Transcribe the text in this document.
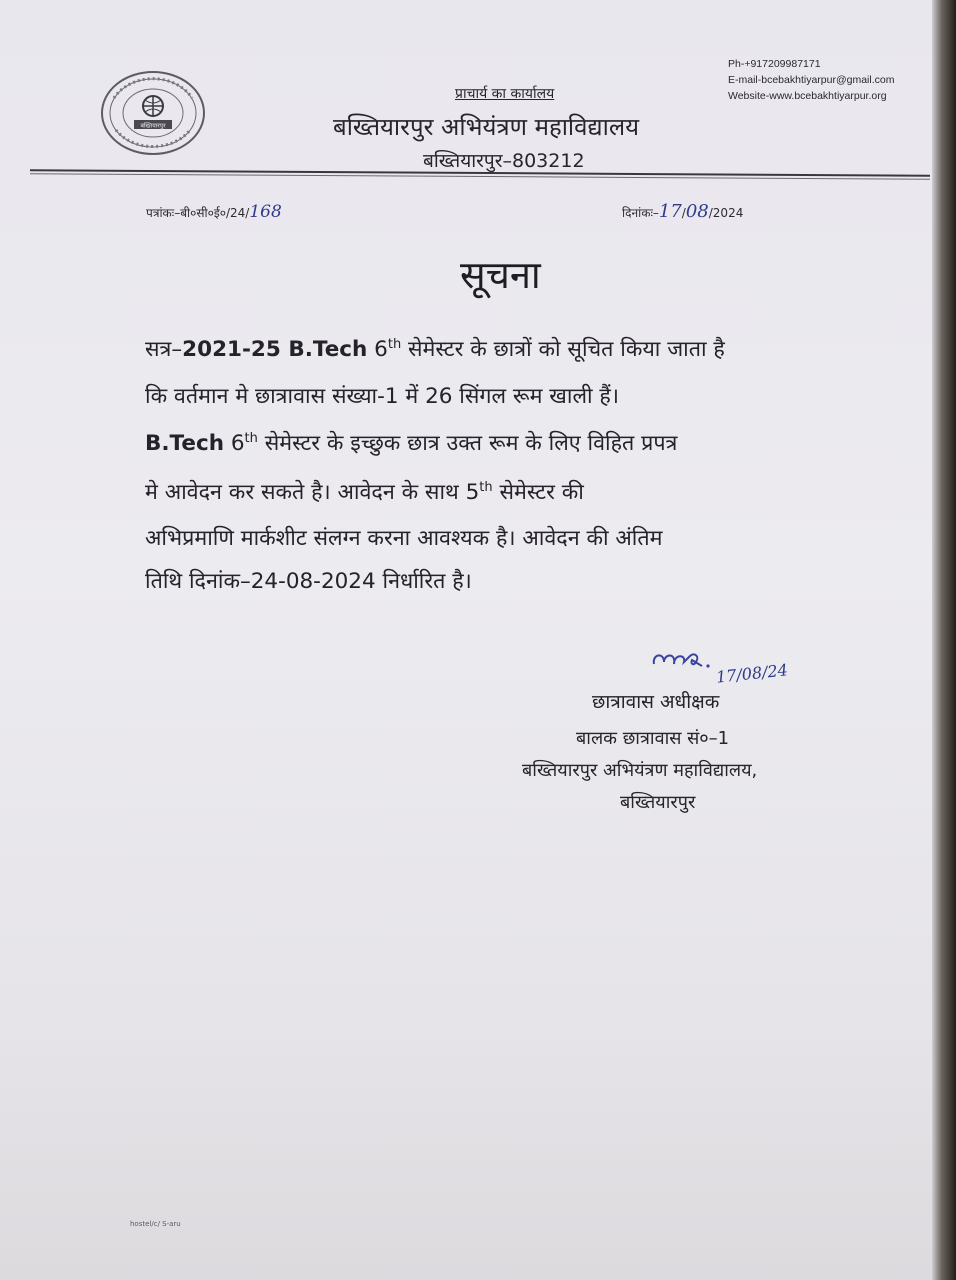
बख्तियारपुर
Ph-+917209987171
E-mail-bcebakhtiyarpur@gmail.com
Website-www.bcebakhtiyarpur.org
प्राचार्य का कार्यालय
बख्तियारपुर अभियंत्रण महाविद्यालय
बख्तियारपुर–803212
पत्रांकः–बी०सी०ई०/24/168	दिनांकः–17/08/2024
सूचना
सत्र–2021-25 B.Tech 6th सेमेस्टर के छात्रों को सूचित किया जाता है
कि वर्तमान मे छात्रावास संख्या-1 में 26 सिंगल रूम खाली हैं।
B.Tech 6th सेमेस्टर के इच्छुक छात्र उक्त रूम के लिए विहित प्रपत्र
मे आवेदन कर सकते है। आवेदन के साथ 5th सेमेस्टर की
अभिप्रमाणि मार्कशीट संलग्न करना आवश्यक है। आवेदन की अंतिम
तिथि दिनांक–24-08-2024 निर्धारित है।
17/08/24
छात्रावास अधीक्षक
बालक छात्रावास सं०–1
बख्तियारपुर अभियंत्रण महाविद्यालय,
बख्तियारपुर
hostel/c/ S-aru
